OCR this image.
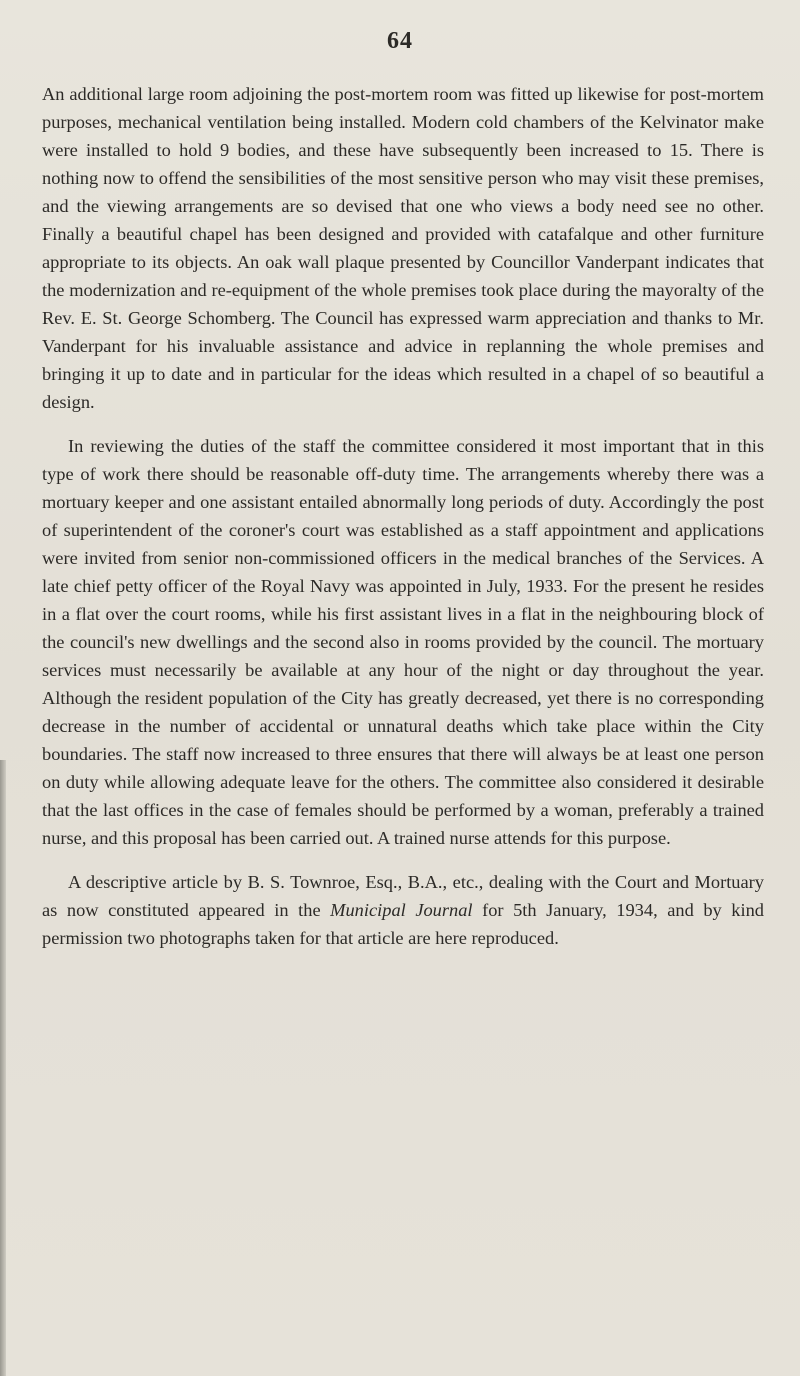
64

An additional large room adjoining the post-mortem room was fitted up likewise for post-mortem purposes, mechanical ventilation being installed. Modern cold chambers of the Kelvinator make were installed to hold 9 bodies, and these have subsequently been increased to 15. There is nothing now to offend the sensibilities of the most sensitive person who may visit these premises, and the viewing arrangements are so devised that one who views a body need see no other. Finally a beautiful chapel has been designed and provided with catafalque and other furniture appropriate to its objects. An oak wall plaque presented by Councillor Vanderpant indicates that the modernization and re-equipment of the whole premises took place during the mayoralty of the Rev. E. St. George Schomberg. The Council has expressed warm appreciation and thanks to Mr. Vanderpant for his invaluable assistance and advice in replanning the whole premises and bringing it up to date and in particular for the ideas which resulted in a chapel of so beautiful a design.

In reviewing the duties of the staff the committee considered it most important that in this type of work there should be reasonable off-duty time. The arrangements whereby there was a mortuary keeper and one assistant entailed abnormally long periods of duty. Accordingly the post of superintendent of the coroner's court was established as a staff appointment and applications were invited from senior non-commissioned officers in the medical branches of the Services. A late chief petty officer of the Royal Navy was appointed in July, 1933. For the present he resides in a flat over the court rooms, while his first assistant lives in a flat in the neighbouring block of the council's new dwellings and the second also in rooms provided by the council. The mortuary services must necessarily be available at any hour of the night or day throughout the year. Although the resident population of the City has greatly decreased, yet there is no corresponding decrease in the number of accidental or unnatural deaths which take place within the City boundaries. The staff now increased to three ensures that there will always be at least one person on duty while allowing adequate leave for the others. The committee also considered it desirable that the last offices in the case of females should be performed by a woman, preferably a trained nurse, and this proposal has been carried out. A trained nurse attends for this purpose.

A descriptive article by B. S. Townroe, Esq., B.A., etc., dealing with the Court and Mortuary as now constituted appeared in the Municipal Journal for 5th January, 1934, and by kind permission two photographs taken for that article are here reproduced.
